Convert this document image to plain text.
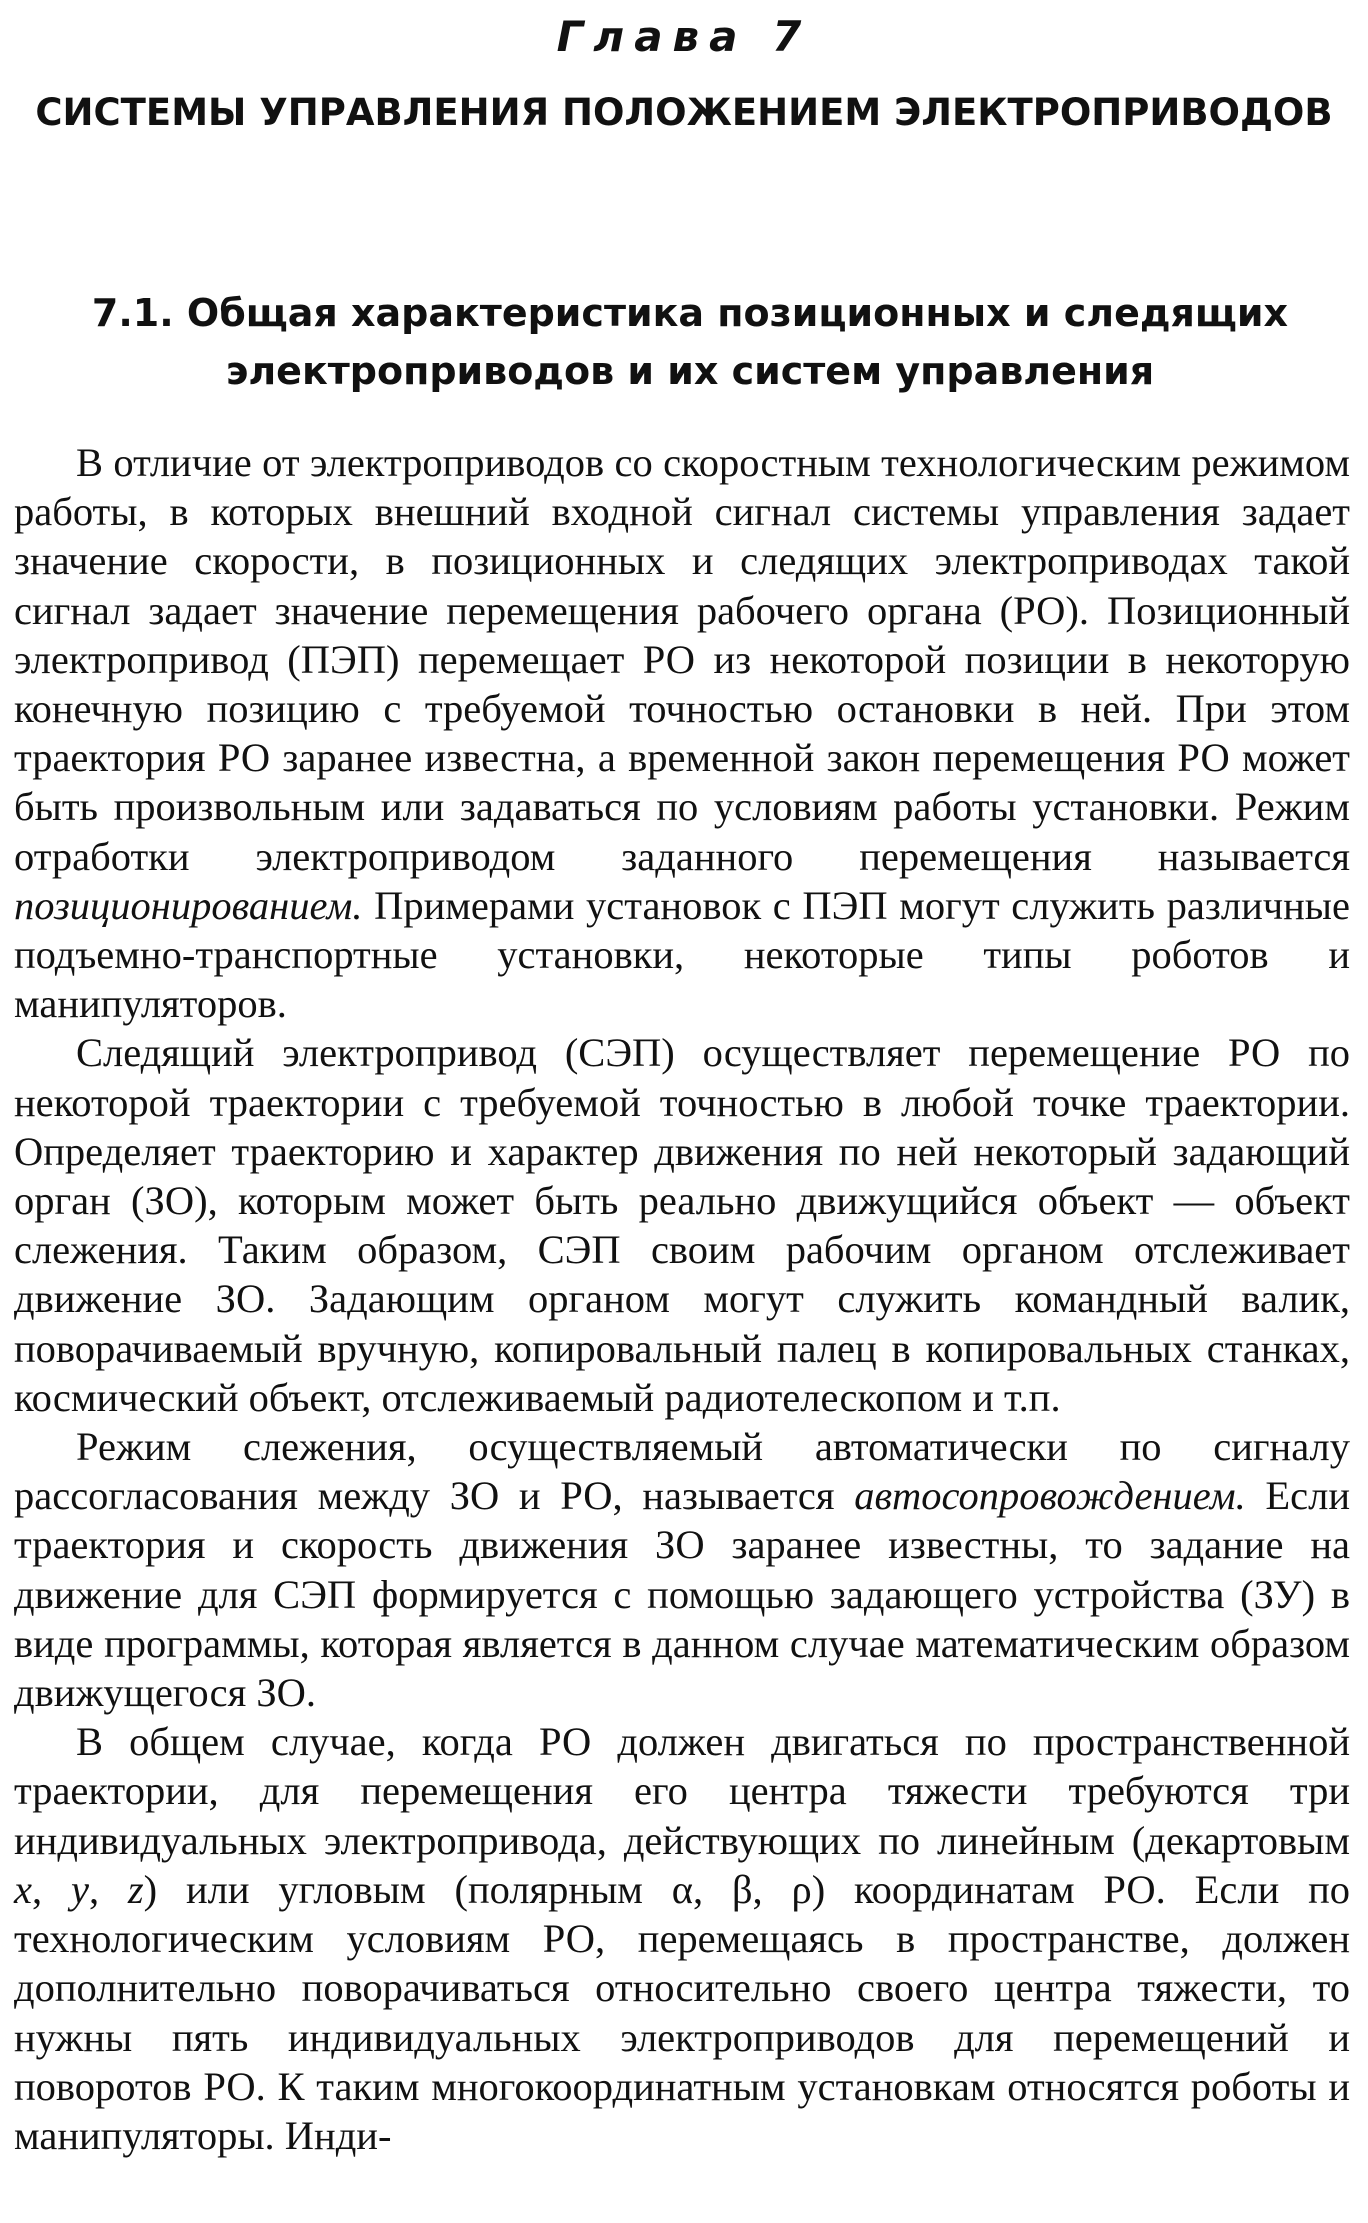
Глава 7
СИСТЕМЫ УПРАВЛЕНИЯ ПОЛОЖЕНИЕМ ЭЛЕКТРОПРИВОДОВ
7.1. Общая характеристика позиционных и следящих
электроприводов и их систем управления

В отличие от электроприводов со скоростным технологическим режимом работы, в которых внешний входной сигнал системы управления задает значение скорости, в позиционных и следящих электроприводах такой сигнал задает значение перемещения рабочего органа (РО). Позиционный электропривод (ПЭП) перемещает РО из некоторой позиции в некоторую конечную позицию с требуемой точностью остановки в ней. При этом траектория РО заранее известна, а временной закон перемещения РО может быть произвольным или задаваться по условиям работы установки. Режим отработки электроприводом заданного перемещения называется позиционированием. Примерами установок с ПЭП могут служить различные подъемно-транспортные установки, некоторые типы роботов и манипуляторов.

Следящий электропривод (СЭП) осуществляет перемещение РО по некоторой траектории с требуемой точностью в любой точке траектории. Определяет траекторию и характер движения по ней некоторый задающий орган (ЗО), которым может быть реально движущийся объект — объект слежения. Таким образом, СЭП своим рабочим органом отслеживает движение ЗО. Задающим органом могут служить командный валик, поворачиваемый вручную, копировальный палец в копировальных станках, космический объект, отслеживаемый радиотелескопом и т.п.

Режим слежения, осуществляемый автоматически по сигналу рассогласования между ЗО и РО, называется автосопровождением. Если траектория и скорость движения ЗО заранее известны, то задание на движение для СЭП формируется с помощью задающего устройства (ЗУ) в виде программы, которая является в данном случае математическим образом движущегося ЗО.

В общем случае, когда РО должен двигаться по пространственной траектории, для перемещения его центра тяжести требуются три индивидуальных электропривода, действующих по линейным (декартовым x, y, z) или угловым (полярным α, β, ρ) координатам РО. Если по технологическим условиям РО, перемещаясь в пространстве, должен дополнительно поворачиваться относительно своего центра тяжести, то нужны пять индивидуальных электроприводов для перемещений и поворотов РО. К таким многокоординатным установкам относятся роботы и манипуляторы. Инди-
